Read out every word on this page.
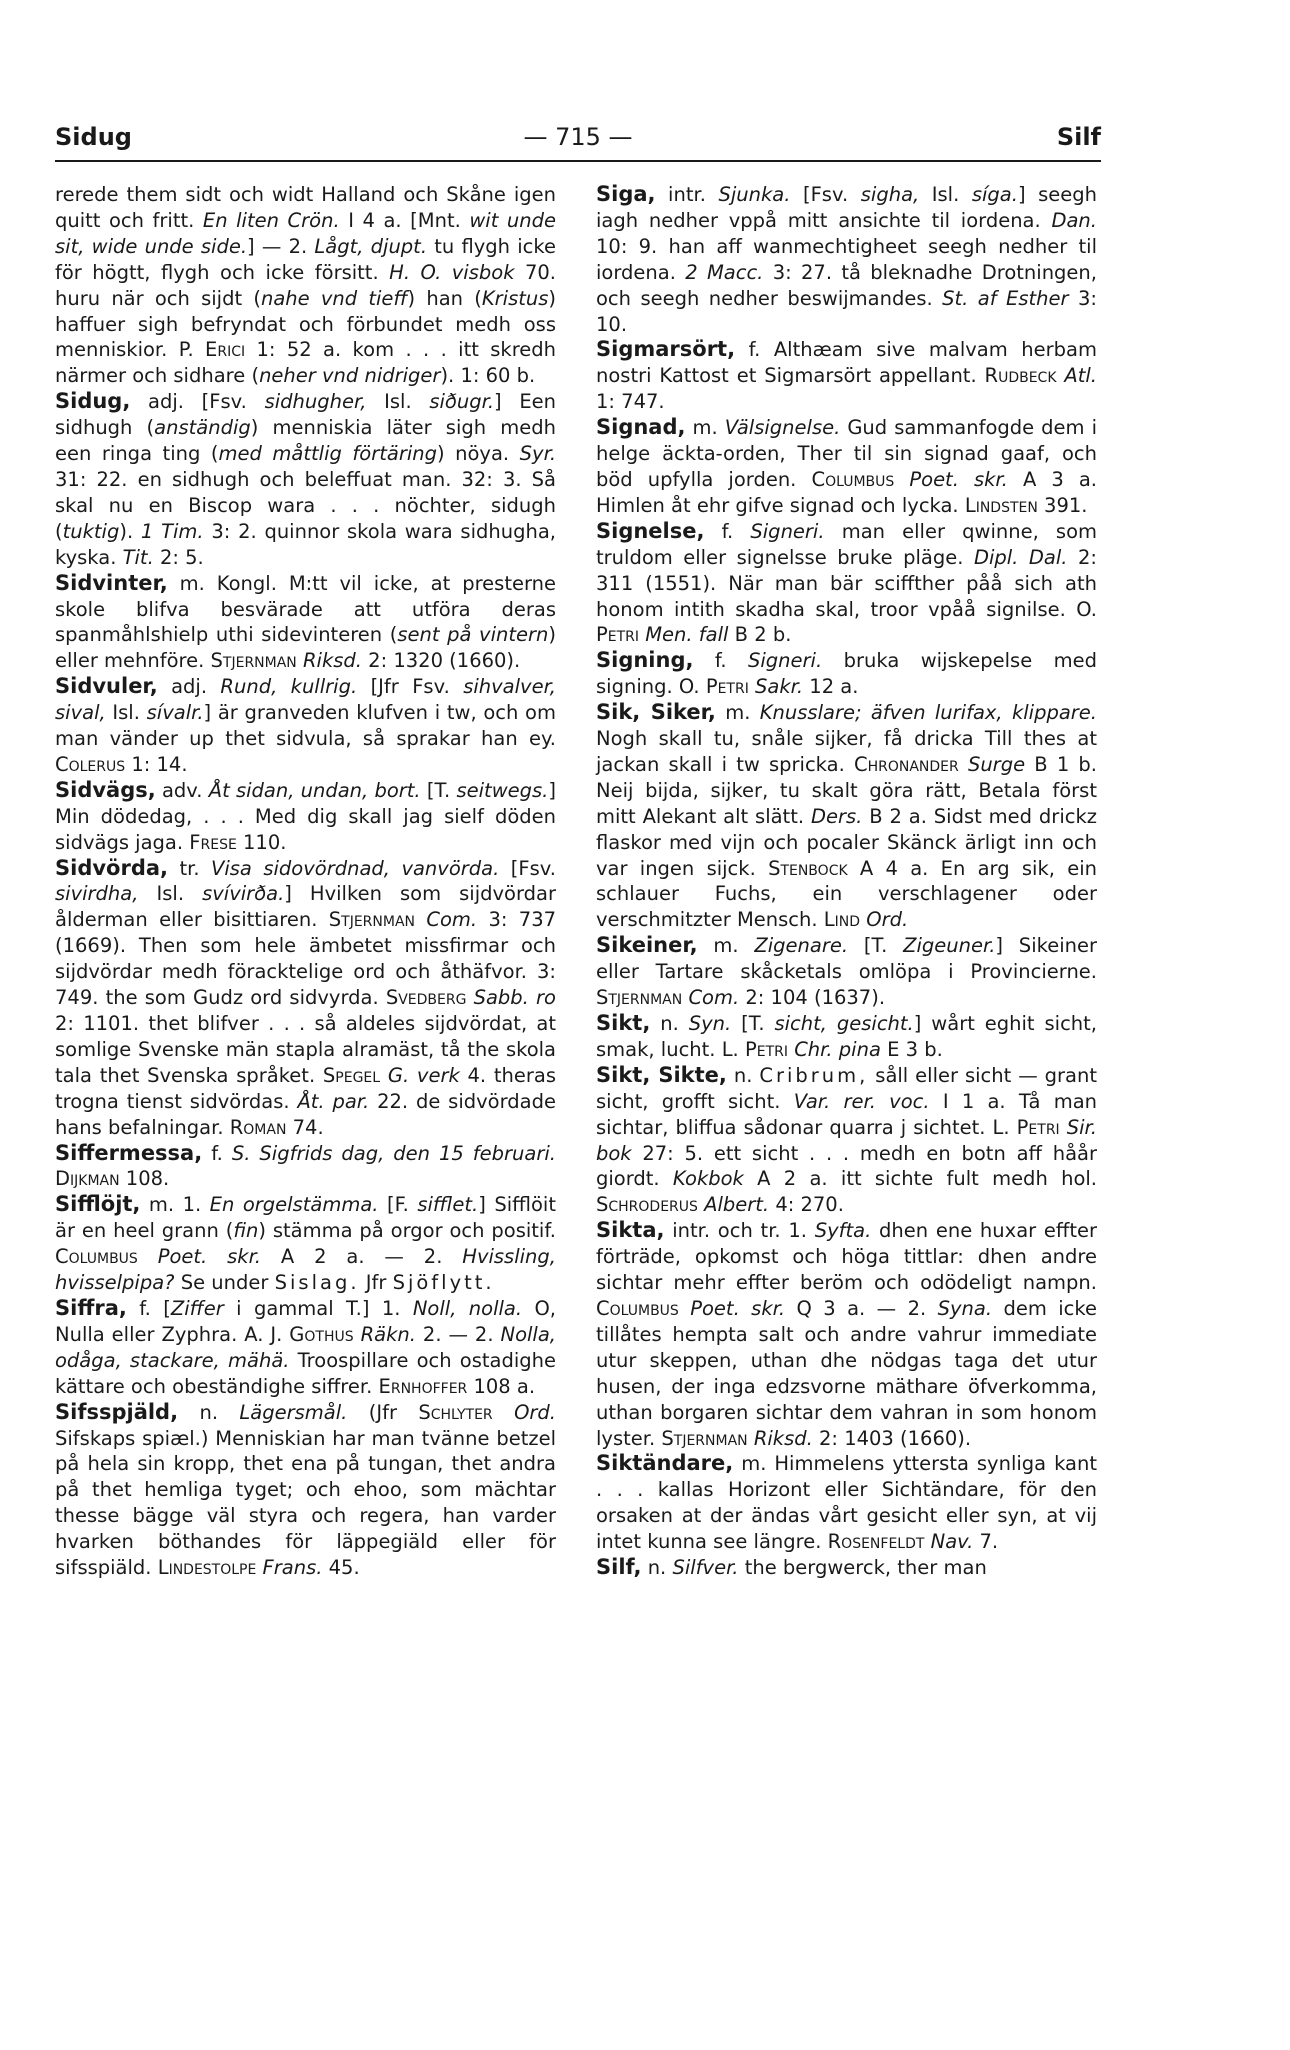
Sidug	— 715 —	Silf

rerede them sidt och widt Halland och Skåne igen quitt och fritt. En liten Crön. I 4 a. [Mnt. wit unde sit, wide unde side.] — 2. Lågt, djupt. tu flygh icke för högtt, flygh och icke försitt. H. O. visbok 70. huru när och sijdt (nahe vnd tieff) han (Kristus) haffuer sigh befryndat och förbundet medh oss menniskior. P. Erici 1: 52 a. kom . . . itt skredh närmer och sidhare (neher vnd nidriger). 1: 60 b.

Sidug, adj. [Fsv. sidhugher, Isl. siðugr.] Een sidhugh (anständig) menniskia läter sigh medh een ringa ting (med måttlig förtäring) nöya. Syr. 31: 22. en sidhugh och beleffuat man. 32: 3. Så skal nu en Biscop wara . . . nöchter, sidugh (tuktig). 1 Tim. 3: 2. quinnor skola wara sidhugha, kyska. Tit. 2: 5.

Sidvinter, m. Kongl. M:tt vil icke, at presterne skole blifva besvärade att utföra deras spanmåhlshielp uthi sidevinteren (sent på vintern) eller mehnföre. Stjernman Riksd. 2: 1320 (1660).

Sidvuler, adj. Rund, kullrig. [Jfr Fsv. sihvalver, sival, Isl. sívalr.] är granveden klufven i tw, och om man vänder up thet sidvula, så sprakar han ey. Colerus 1: 14.

Sidvägs, adv. Åt sidan, undan, bort. [T. seitwegs.] Min dödedag, . . . Med dig skall jag sielf döden sidvägs jaga. Frese 110.

Sidvörda, tr. Visa sidovördnad, vanvörda. [Fsv. sivirdha, Isl. svívirða.] Hvilken som sijdvördar ålderman eller bisittiaren. Stjernman Com. 3: 737 (1669). Then som hele ämbetet missfirmar och sijdvördar medh föracktelige ord och åthäfvor. 3: 749. the som Gudz ord sidvyrda. Svedberg Sabb. ro 2: 1101. thet blifver . . . så aldeles sijdvördat, at somlige Svenske män stapla alramäst, tå the skola tala thet Svenska språket. Spegel G. verk 4. theras trogna tienst sidvördas. Åt. par. 22. de sidvördade hans befalningar. Roman 74.

Siffermessa, f. S. Sigfrids dag, den 15 februari. Dijkman 108.

Sifflöjt, m. 1. En orgelstämma. [F. sifflet.] Sifflöit är en heel grann (fin) stämma på orgor och positif. Columbus Poet. skr. A 2 a. — 2. Hvissling, hvisselpipa? Se under Sislag. Jfr Sjöflytt.

Siffra, f. [Ziffer i gammal T.] 1. Noll, nolla. O, Nulla eller Zyphra. A. J. Gothus Räkn. 2. — 2. Nolla, odåga, stackare, mähä. Troospillare och ostadighe kättare och obeständighe siffrer. Ernhoffer 108 a.

Sifsspjäld, n. Lägersmål. (Jfr Schlyter Ord. Sifskaps spiæl.) Menniskian har man tvänne betzel på hela sin kropp, thet ena på tungan, thet andra på thet hemliga tyget; och ehoo, som mächtar thesse bägge väl styra och regera, han varder hvarken böthandes för läppegiäld eller för sifsspiäld. Lindestolpe Frans. 45.

Siga, intr. Sjunka. [Fsv. sigha, Isl. síga.] seegh iagh nedher vppå mitt ansichte til iordena. Dan. 10: 9. han aff wanmechtigheet seegh nedher til iordena. 2 Macc. 3: 27. tå bleknadhe Drotningen, och seegh nedher beswijmandes. St. af Esther 3: 10.

Sigmarsört, f. Althæam sive malvam herbam nostri Kattost et Sigmarsört appellant. Rudbeck Atl. 1: 747.

Signad, m. Välsignelse. Gud sammanfogde dem i helge äckta-orden, Ther til sin signad gaaf, och böd upfylla jorden. Columbus Poet. skr. A 3 a. Himlen åt ehr gifve signad och lycka. Lindsten 391.

Signelse, f. Signeri. man eller qwinne, som truldom eller signelsse bruke pläge. Dipl. Dal. 2: 311 (1551). När man bär sciffther påå sich ath honom intith skadha skal, troor vpåå signilse. O. Petri Men. fall B 2 b.

Signing, f. Signeri. bruka wijskepelse med signing. O. Petri Sakr. 12 a.

Sik, Siker, m. Knusslare; äfven lurifax, klippare. Nogh skall tu, snåle sijker, få dricka Till thes at jackan skall i tw spricka. Chronander Surge B 1 b. Neij bijda, sijker, tu skalt göra rätt, Betala först mitt Alekant alt slätt. Ders. B 2 a. Sidst med drickz flaskor med vijn och pocaler Skänck ärligt inn och var ingen sijck. Stenbock A 4 a. En arg sik, ein schlauer Fuchs, ein verschlagener oder verschmitzter Mensch. Lind Ord.

Sikeiner, m. Zigenare. [T. Zigeuner.] Sikeiner eller Tartare skåcketals omlöpa i Provincierne. Stjernman Com. 2: 104 (1637).

Sikt, n. Syn. [T. sicht, gesicht.] wårt eghit sicht, smak, lucht. L. Petri Chr. pina E 3 b.

Sikt, Sikte, n. Cribrum, såll eller sicht — grant sicht, grofft sicht. Var. rer. voc. I 1 a. Tå man sichtar, bliffua sådonar quarra j sichtet. L. Petri Sir. bok 27: 5. ett sicht . . . medh en botn aff håår giordt. Kokbok A 2 a. itt sichte fult medh hol. Schroderus Albert. 4: 270.

Sikta, intr. och tr. 1. Syfta. dhen ene huxar effter förträde, opkomst och höga tittlar: dhen andre sichtar mehr effter beröm och odödeligt nampn. Columbus Poet. skr. Q 3 a. — 2. Syna. dem icke tillåtes hempta salt och andre vahrur immediate utur skeppen, uthan dhe nödgas taga det utur husen, der inga edzsvorne mäthare öfverkomma, uthan borgaren sichtar dem vahran in som honom lyster. Stjernman Riksd. 2: 1403 (1660).

Siktändare, m. Himmelens yttersta synliga kant . . . kallas Horizont eller Sichtändare, för den orsaken at der ändas vårt gesicht eller syn, at vij intet kunna see längre. Rosenfeldt Nav. 7.

Silf, n. Silfver. the bergwerck, ther man
